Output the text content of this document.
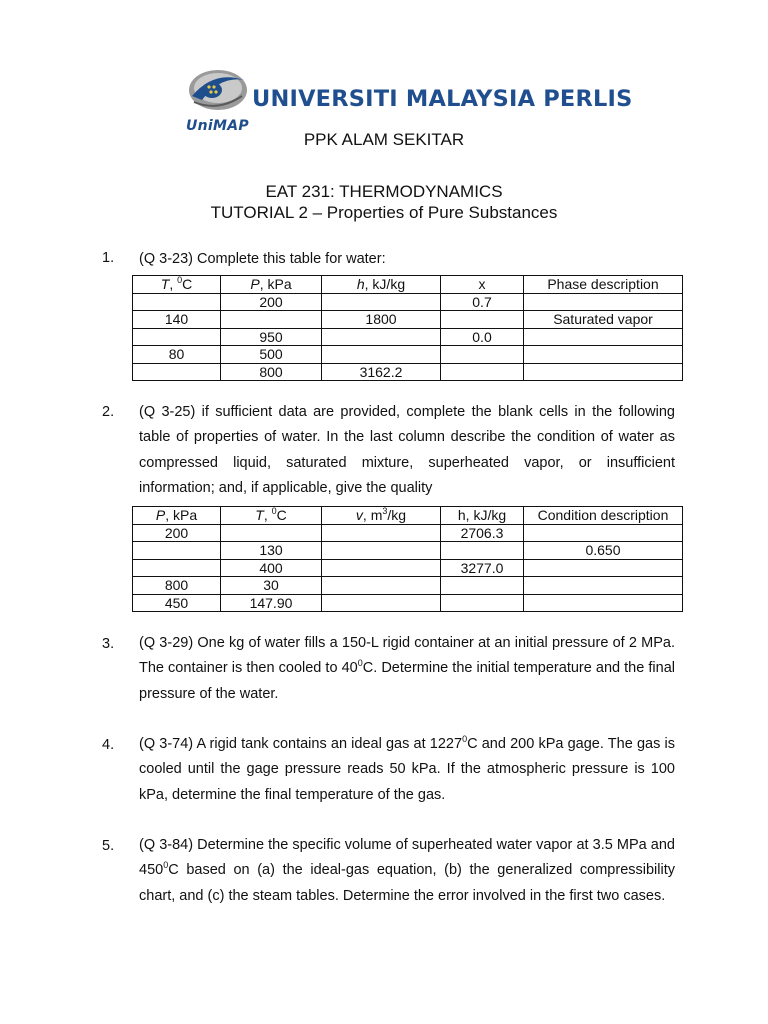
UniMAP
UNIVERSITI MALAYSIA PERLIS
PPK ALAM SEKITAR
EAT 231: THERMODYNAMICS
TUTORIAL 2 – Properties of Pure Substances
1. (Q 3-23) Complete this table for water:
T, $^0$C	P, kPa	h, kJ/kg	x	Phase description
	200		0.7	
140		1800		Saturated vapor
	950		0.0	
80	500			
	800	3162.2		
2. (Q 3-25) if sufficient data are provided, complete the blank cells in the following table of properties of water. In the last column describe the condition of water as compressed liquid, saturated mixture, superheated vapor, or insufficient information; and, if applicable, give the quality
P, kPa	T, $^0$C	v, $m^3/kg$	h, kJ/kg	Condition description
200			2706.3	
	130			0.650
	400		3277.0	
800	30			
450	147.90			
3. (Q 3-29) One kg of water fills a 150-L rigid container at an initial pressure of 2 MPa. The container is then cooled to $40^0C$. Determine the initial temperature and the final pressure of the water.
4. (Q 3-74) A rigid tank contains an ideal gas at 1227$^0$C and 200 kPa gage. The gas is cooled until the gage pressure reads 50 kPa. If the atmospheric pressure is 100 kPa, determine the final temperature of the gas.
5. (Q 3-84) Determine the specific volume of superheated water vapor at 3.5 MPa and $450^0C$ based on (a) the ideal-gas equation, (b) the generalized compressibility chart, and (c) the steam tables. Determine the error involved in the first two cases.
